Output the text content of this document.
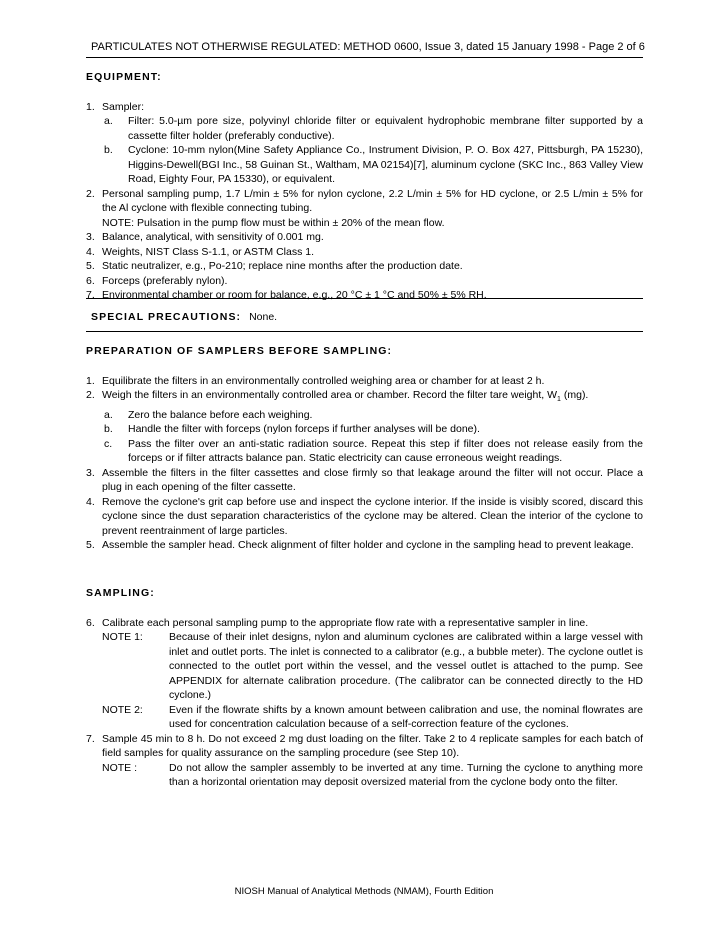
PARTICULATES NOT OTHERWISE REGULATED: METHOD 0600, Issue 3, dated 15 January 1998 - Page 2 of 6
EQUIPMENT:
1. Sampler:
a. Filter: 5.0-µm pore size, polyvinyl chloride filter or equivalent hydrophobic membrane filter supported by a cassette filter holder (preferably conductive).
b. Cyclone: 10-mm nylon(Mine Safety Appliance Co., Instrument Division, P. O. Box 427, Pittsburgh, PA 15230), Higgins-Dewell(BGI Inc., 58 Guinan St., Waltham, MA 02154)[7], aluminum cyclone (SKC Inc., 863 Valley View Road, Eighty Four, PA 15330), or equivalent.
2. Personal sampling pump, 1.7 L/min ± 5% for nylon cyclone, 2.2 L/min ± 5% for HD cyclone, or 2.5 L/min ± 5% for the Al cyclone with flexible connecting tubing.
NOTE: Pulsation in the pump flow must be within ± 20% of the mean flow.
3. Balance, analytical, with sensitivity of 0.001 mg.
4. Weights, NIST Class S-1.1, or ASTM Class 1.
5. Static neutralizer, e.g., Po-210; replace nine months after the production date.
6. Forceps (preferably nylon).
7. Environmental chamber or room for balance, e.g., 20 °C ± 1 °C and 50% ± 5% RH.
SPECIAL PRECAUTIONS: None.
PREPARATION OF SAMPLERS BEFORE SAMPLING:
1. Equilibrate the filters in an environmentally controlled weighing area or chamber for at least 2 h.
2. Weigh the filters in an environmentally controlled area or chamber. Record the filter tare weight, $W_1$ (mg).
a. Zero the balance before each weighing.
b. Handle the filter with forceps (nylon forceps if further analyses will be done).
c. Pass the filter over an anti-static radiation source. Repeat this step if filter does not release easily from the forceps or if filter attracts balance pan. Static electricity can cause erroneous weight readings.
3. Assemble the filters in the filter cassettes and close firmly so that leakage around the filter will not occur. Place a plug in each opening of the filter cassette.
4. Remove the cyclone's grit cap before use and inspect the cyclone interior. If the inside is visibly scored, discard this cyclone since the dust separation characteristics of the cyclone may be altered. Clean the interior of the cyclone to prevent reentrainment of large particles.
5. Assemble the sampler head. Check alignment of filter holder and cyclone in the sampling head to prevent leakage.
SAMPLING:
6. Calibrate each personal sampling pump to the appropriate flow rate with a representative sampler in line.
NOTE 1:	Because of their inlet designs, nylon and aluminum cyclones are calibrated within a large vessel with inlet and outlet ports. The inlet is connected to a calibrator (e.g., a bubble meter). The cyclone outlet is connected to the outlet port within the vessel, and the vessel outlet is attached to the pump. See APPENDIX for alternate calibration procedure. (The calibrator can be connected directly to the HD cyclone.)
NOTE 2:	Even if the flowrate shifts by a known amount between calibration and use, the nominal flowrates are used for concentration calculation because of a self-correction feature of the cyclones.
7. Sample 45 min to 8 h. Do not exceed 2 mg dust loading on the filter. Take 2 to 4 replicate samples for each batch of field samples for quality assurance on the sampling procedure (see Step 10).
NOTE :	Do not allow the sampler assembly to be inverted at any time. Turning the cyclone to anything more than a horizontal orientation may deposit oversized material from the cyclone body onto the filter.
NIOSH Manual of Analytical Methods (NMAM), Fourth Edition
